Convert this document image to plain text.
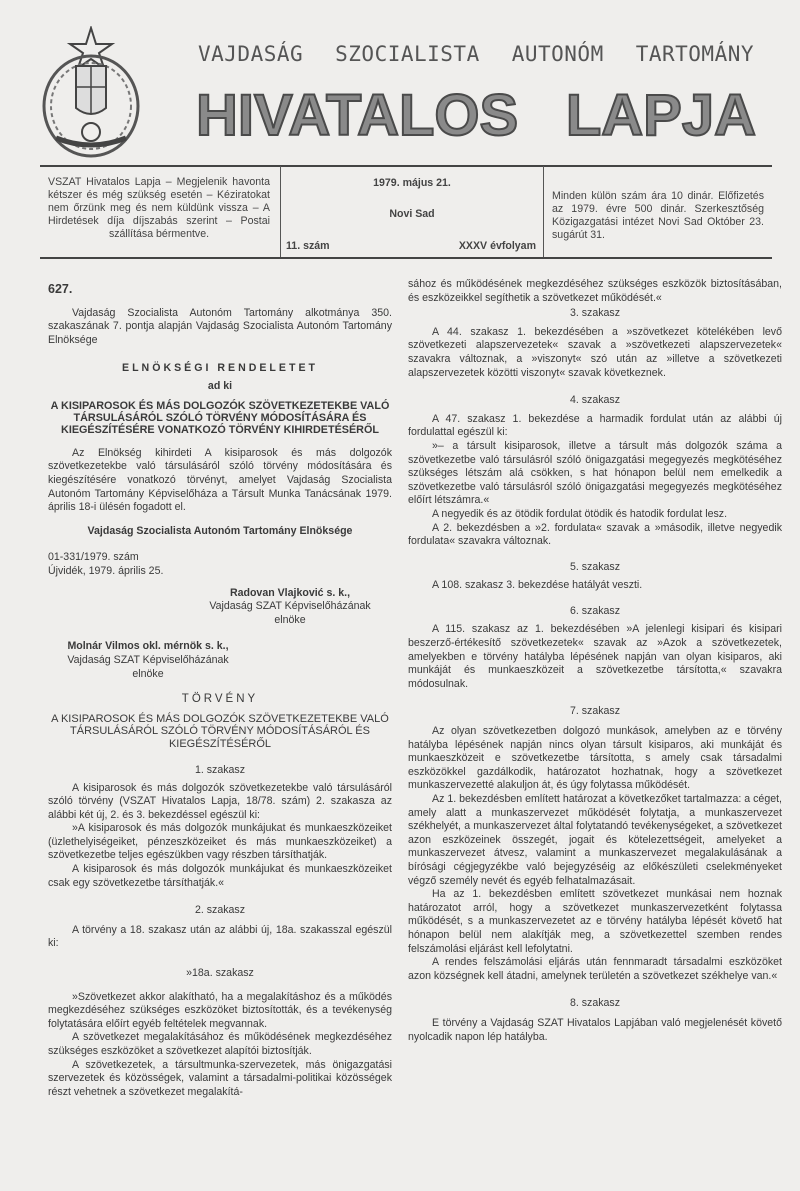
VAJDASÁG SZOCIALISTA AUTONÓM TARTOMÁNY
HIVATALOS LAPJA
VSZAT Hivatalos Lapja – Megjelenik havonta kétszer és még szükség esetén – Kéziratokat nem őrzünk meg és nem küldünk vissza – A Hirdetések díja díjszabás szerint – Postai szállítása bérmentve.
1979. május 21.
Novi Sad
11. szám	XXXV évfolyam
Minden külön szám ára 10 dinár. Előfizetés az 1979. évre 500 dinár. Szerkesztőség Közigazgatási intézet Novi Sad Október 23. sugárút 31.
627.

Vajdaság Szocialista Autonóm Tartomány alkotmánya 350. szakaszának 7. pontja alapján Vajdaság Szocialista Autonóm Tartomány Elnöksége

ELNÖKSÉGI RENDELETET
ad ki
A KISIPAROSOK ÉS MÁS DOLGOZÓK SZÖVETKEZETEKBE VALÓ TÁRSULÁSÁRÓL SZÓLÓ TÖRVÉNY MÓDOSÍTÁSÁRA ÉS KIEGÉSZÍTÉSÉRE VONATKOZÓ TÖRVÉNY KIHIRDETÉSÉRŐL

Az Elnökség kihirdeti A kisiparosok és más dolgozók szövetkezetekbe való társulásáról szóló törvény módosítására és kiegészítésére vonatkozó törvényt, amelyet Vajdaság Szocialista Autonóm Tartomány Képviselőháza a Társult Munka Tanácsának 1979. április 18-i ülésén fogadott el.

Vajdaság Szocialista Autonóm Tartomány Elnöksége
01-331/1979. szám
Újvidék, 1979. április 25.
Radovan Vlajković s. k.,
Vajdaság SZAT Képviselőházának
elnöke
Molnár Vilmos okl. mérnök s. k.,
Vajdaság SZAT Képviselőházának
elnöke
TÖRVÉNY
A KISIPAROSOK ÉS MÁS DOLGOZÓK SZÖVETKEZETEKBE VALÓ TÁRSULÁSÁRÓL SZÓLÓ TÖRVÉNY MÓDOSÍTÁSÁRÓL ÉS KIEGÉSZÍTÉSÉRŐL
1. szakasz

A kisiparosok és más dolgozók szövetkezetekbe való társulásáról szóló törvény (VSZAT Hivatalos Lapja, 18/78. szám) 2. szakasza az alábbi két új, 2. és 3. bekezdéssel egészül ki:

»A kisiparosok és más dolgozók munkájukat és munkaeszközeiket (üzlethelyiségeiket, pénzeszközeiket és más munkaeszközeiket) a szövetkezetbe teljes egészükben vagy részben társíthatják.

A kisiparosok és más dolgozók munkájukat és munkaeszközeiket csak egy szövetkezetbe társíthatják.«

2. szakasz

A törvény a 18. szakasz után az alábbi új, 18a. szakasszal egészül ki:

»18a. szakasz

»Szövetkezet akkor alakítható, ha a megalakításhoz és a működés megkezdéséhez szükséges eszközöket biztosították, és a tevékenység folytatására előírt egyéb feltételek megvannak.

A szövetkezet megalakításához és működésének megkezdéséhez szükséges eszközöket a szövetkezet alapítói biztosítják.

A szövetkezetek, a társultmunka-szervezetek, más önigazgatási szervezetek és közösségek, valamint a társadalmi-politikai közösségek részt vehetnek a szövetkezet megalakítá-

sához és működésének megkezdéséhez szükséges eszközök biztosításában, és eszközeikkel segíthetik a szövetkezet működését.«

3. szakasz

A 44. szakasz 1. bekezdésében a »szövetkezet kötelékében levő szövetkezeti alapszervezetek« szavak a »szövetkezeti alapszervezetek« szavakra változnak, a »viszonyt« szó után az »illetve a szövetkezeti alapszervezetek közötti viszonyt« szavak következnek.

4. szakasz

A 47. szakasz 1. bekezdése a harmadik fordulat után az alábbi új fordulattal egészül ki:

»– a társult kisiparosok, illetve a társult más dolgozók száma a szövetkezetbe való társulásról szóló önigazgatási megegyezés megkötéséhez szükséges létszám alá csökken, s hat hónapon belül nem emelkedik a szövetkezetbe való társulásról szóló önigazgatási megegyezés megkötéséhez előírt létszámra.«

A negyedik és az ötödik fordulat ötödik és hatodik fordulat lesz.

A 2. bekezdésben a »2. fordulata« szavak a »második, illetve negyedik fordulata« szavakra változnak.

5. szakasz

A 108. szakasz 3. bekezdése hatályát veszti.

6. szakasz

A 115. szakasz az 1. bekezdésében »A jelenlegi kisipari és kisipari beszerző-értékesítő szövetkezetek« szavak az »Azok a szövetkezetek, amelyekben e törvény hatályba lépésének napján van olyan kisiparos, aki munkáját és munkaeszközeit a szövetkezetbe társította,« szavakra módosulnak.

7. szakasz

Az olyan szövetkezetben dolgozó munkások, amelyben az e törvény hatályba lépésének napján nincs olyan társult kisiparos, aki munkáját és munkaeszközeit e szövetkezetbe társította, s amely csak társadalmi eszközökkel gazdálkodik, határozatot hozhatnak, hogy a szövetkezet munkaszervezetté alakuljon át, és úgy folytassa működését.

Az 1. bekezdésben említett határozat a következőket tartalmazza: a céget, amely alatt a munkaszervezet működését folytatja, a munkaszervezet székhelyét, a munkaszervezet által folytatandó tevékenységeket, a szövetkezet azon eszközeinek összegét, jogait és kötelezettségeit, amelyeket a munkaszervezet átvesz, valamint a munkaszervezet megalakulásának a bírósági cégjegyzékbe való bejegyzéséig az előkészületi cselekményeket végző személy nevét és egyéb felhatalmazásait.

Ha az 1. bekezdésben említett szövetkezet munkásai nem hoznak határozatot arról, hogy a szövetkezet munkaszervezetként folytassa működését, s a munkaszervezetet az e törvény hatályba lépését követő hat hónapon belül nem alakítják meg, a szövetkezettel szemben rendes felszámolási eljárást kell lefolytatni.

A rendes felszámolási eljárás után fennmaradt társadalmi eszközöket azon községnek kell átadni, amelynek területén a szövetkezet székhelye van.«

8. szakasz

E törvény a Vajdaság SZAT Hivatalos Lapjában való megjelenését követő nyolcadik napon lép hatályba.
